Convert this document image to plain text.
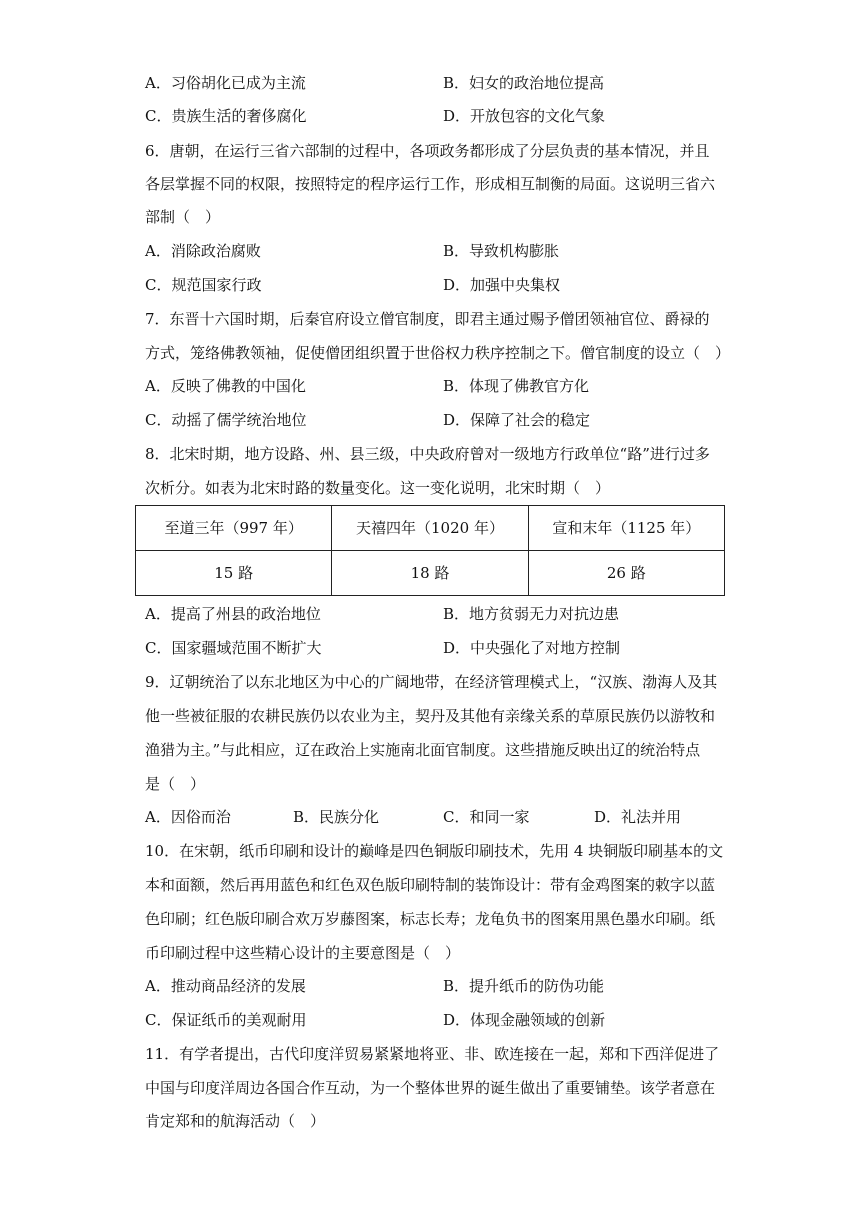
A．习俗胡化已成为主流	B．妇女的政治地位提高
C．贵族生活的奢侈腐化	D．开放包容的文化气象
6．唐朝，在运行三省六部制的过程中，各项政务都形成了分层负责的基本情况，并且
各层掌握不同的权限，按照特定的程序运行工作，形成相互制衡的局面。这说明三省六
部制（　）
A．消除政治腐败	B．导致机构膨胀
C．规范国家行政	D．加强中央集权
7．东晋十六国时期，后秦官府设立僧官制度，即君主通过赐予僧团领袖官位、爵禄的
方式，笼络佛教领袖，促使僧团组织置于世俗权力秩序控制之下。僧官制度的设立（　）
A．反映了佛教的中国化	B．体现了佛教官方化
C．动摇了儒学统治地位	D．保障了社会的稳定
8．北宋时期，地方设路、州、县三级，中央政府曾对一级地方行政单位“路”进行过多
次析分。如表为北宋时路的数量变化。这一变化说明，北宋时期（　）
至道三年（997 年）	天禧四年（1020 年）	宣和末年（1125 年）
15 路	18 路	26 路
A．提高了州县的政治地位	B．地方贫弱无力对抗边患
C．国家疆域范围不断扩大	D．中央强化了对地方控制
9．辽朝统治了以东北地区为中心的广阔地带，在经济管理模式上，“汉族、渤海人及其
他一些被征服的农耕民族仍以农业为主，契丹及其他有亲缘关系的草原民族仍以游牧和
渔猎为主。”与此相应，辽在政治上实施南北面官制度。这些措施反映出辽的统治特点
是（　）
A．因俗而治	B．民族分化	C．和同一家	D．礼法并用
10．在宋朝，纸币印刷和设计的巅峰是四色铜版印刷技术，先用 4 块铜版印刷基本的文
本和面额，然后再用蓝色和红色双色版印刷特制的装饰设计：带有金鸡图案的敕字以蓝
色印刷；红色版印刷合欢万岁藤图案，标志长寿；龙龟负书的图案用黑色墨水印刷。纸
币印刷过程中这些精心设计的主要意图是（　）
A．推动商品经济的发展	B．提升纸币的防伪功能
C．保证纸币的美观耐用	D．体现金融领域的创新
11．有学者提出，古代印度洋贸易紧紧地将亚、非、欧连接在一起，郑和下西洋促进了
中国与印度洋周边各国合作互动，为一个整体世界的诞生做出了重要铺垫。该学者意在
肯定郑和的航海活动（　）
